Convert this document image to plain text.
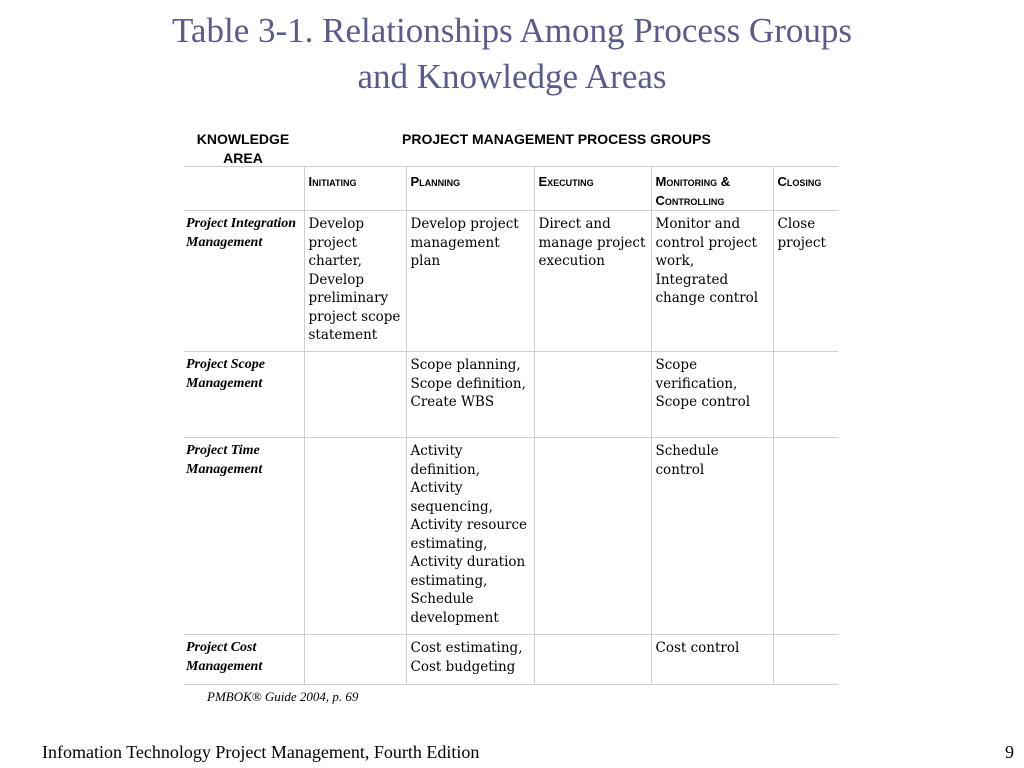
Table 3-1. Relationships Among Process Groups
and Knowledge Areas
KNOWLEDGE
AREA
PROJECT MANAGEMENT PROCESS GROUPS
	Initiating	Planning	Executing	Monitoring & Controlling	Closing
Project Integration Management	Develop project charter, Develop preliminary project scope statement	Develop project management plan	Direct and manage project execution	Monitor and control project work, Integrated change control	Close project
Project Scope Management		Scope planning, Scope definition, Create WBS		Scope verification, Scope control	
Project Time Management		Activity definition, Activity sequencing, Activity resource estimating, Activity duration estimating, Schedule development		Schedule control	
Project Cost Management		Cost estimating, Cost budgeting		Cost control	
PMBOK® Guide 2004, p. 69
Infomation Technology Project Management, Fourth Edition	9
